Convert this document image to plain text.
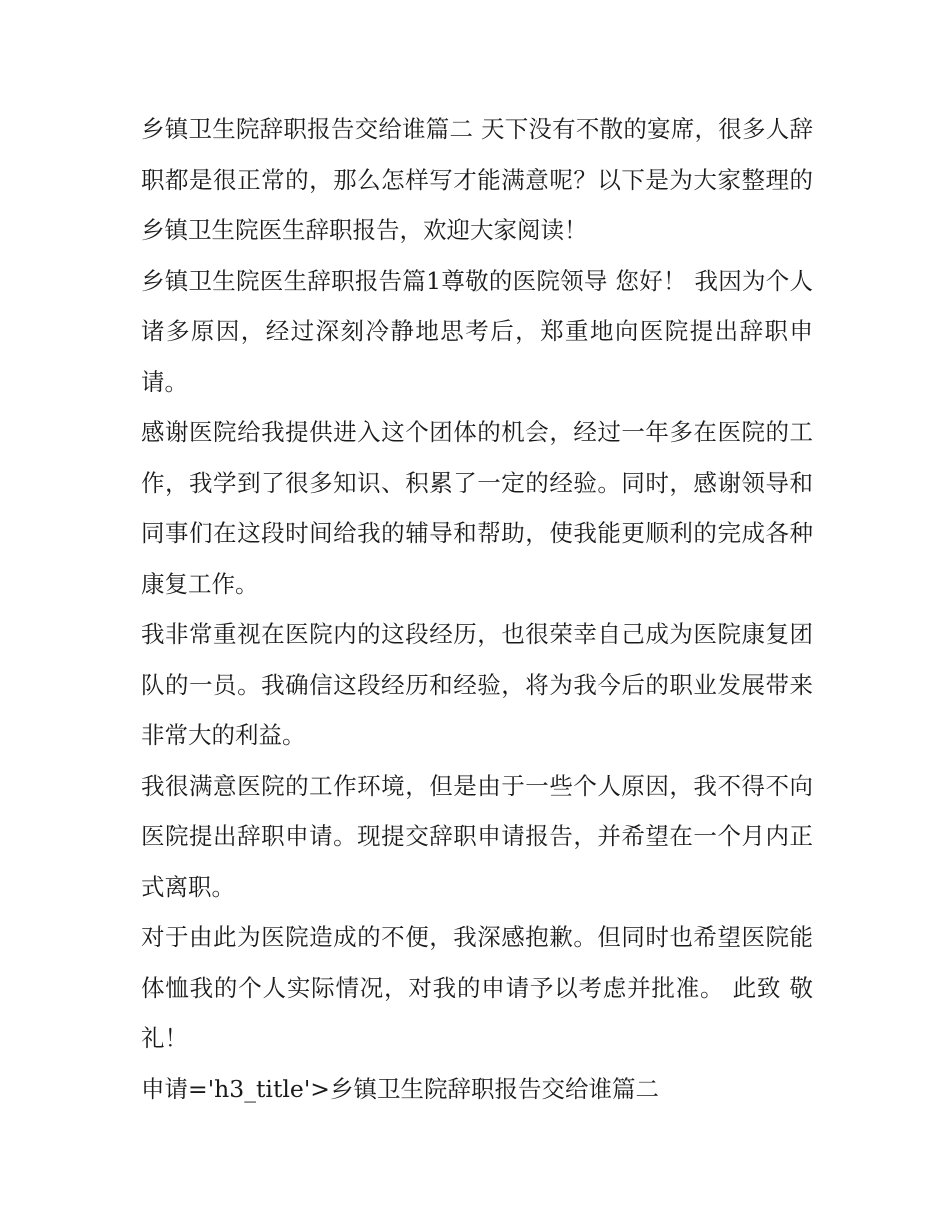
乡镇卫生院辞职报告交给谁篇二 天下没有不散的宴席，很多人辞职都是很正常的，那么怎样写才能满意呢？以下是为大家整理的乡镇卫生院医生辞职报告，欢迎大家阅读！

乡镇卫生院医生辞职报告篇1尊敬的医院领导 您好！ 我因为个人诸多原因，经过深刻冷静地思考后，郑重地向医院提出辞职申请。

感谢医院给我提供进入这个团体的机会，经过一年多在医院的工作，我学到了很多知识、积累了一定的经验。同时，感谢领导和同事们在这段时间给我的辅导和帮助，使我能更顺利的完成各种康复工作。

我非常重视在医院内的这段经历，也很荣幸自己成为医院康复团队的一员。我确信这段经历和经验，将为我今后的职业发展带来非常大的利益。

我很满意医院的工作环境，但是由于一些个人原因，我不得不向医院提出辞职申请。现提交辞职申请报告，并希望在一个月内正式离职。

对于由此为医院造成的不便，我深感抱歉。但同时也希望医院能体恤我的个人实际情况，对我的申请予以考虑并批准。 此致 敬礼！

申请='h3_title'>乡镇卫生院辞职报告交给谁篇二
